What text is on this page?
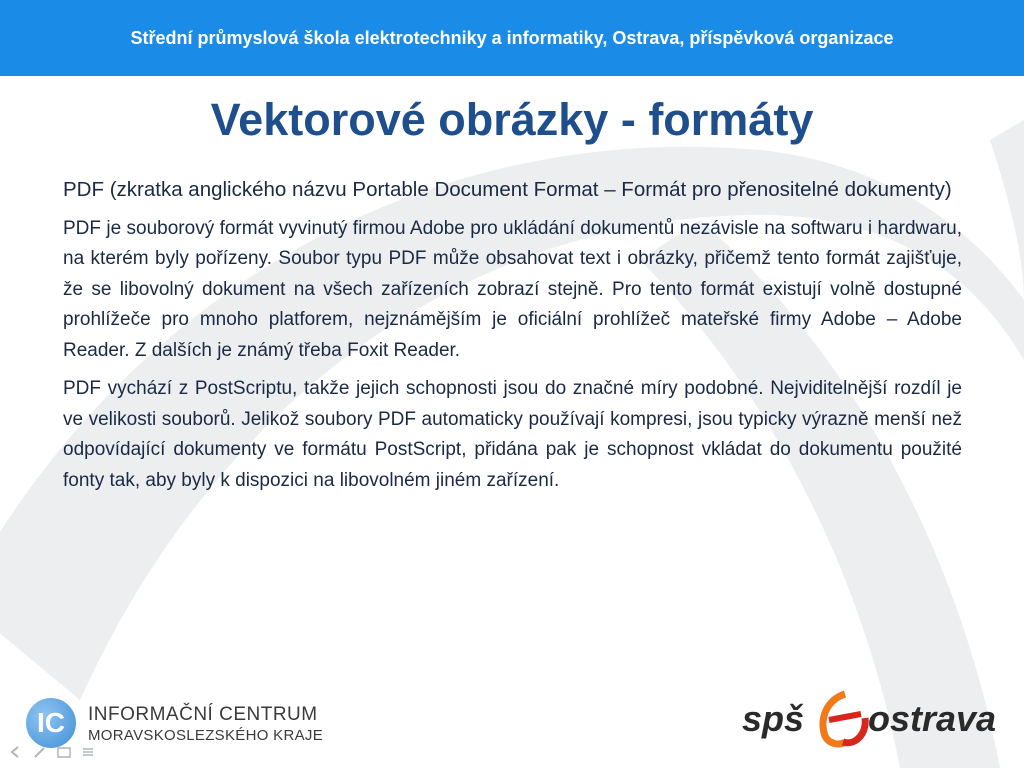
Střední průmyslová škola elektrotechniky a informatiky, Ostrava, příspěvková organizace
Vektorové obrázky - formáty

PDF (zkratka anglického názvu Portable Document Format – Formát pro přenositelné dokumenty)

PDF je souborový formát vyvinutý firmou Adobe pro ukládání dokumentů nezávisle na softwaru i hardwaru, na kterém byly pořízeny. Soubor typu PDF může obsahovat text i obrázky, přičemž tento formát zajišťuje, že se libovolný dokument na všech zařízeních zobrazí stejně. Pro tento formát existují volně dostupné prohlížeče pro mnoho platforem, nejznámějším je oficiální prohlížeč mateřské firmy Adobe – Adobe Reader. Z dalších je známý třeba Foxit Reader.

PDF vychází z PostScriptu, takže jejich schopnosti jsou do značné míry podobné. Nejviditelnější rozdíl je ve velikosti souborů. Jelikož soubory PDF automaticky používají kompresi, jsou typicky výrazně menší než odpovídající dokumenty ve formátu PostScript, přidána pak je schopnost vkládat do dokumentu použité fonty tak, aby byly k dispozici na libovolném jiném zařízení.

IC INFORMAČNÍ CENTRUM
MORAVSKOSLEZSKÉHO KRAJE	spš ostrava
